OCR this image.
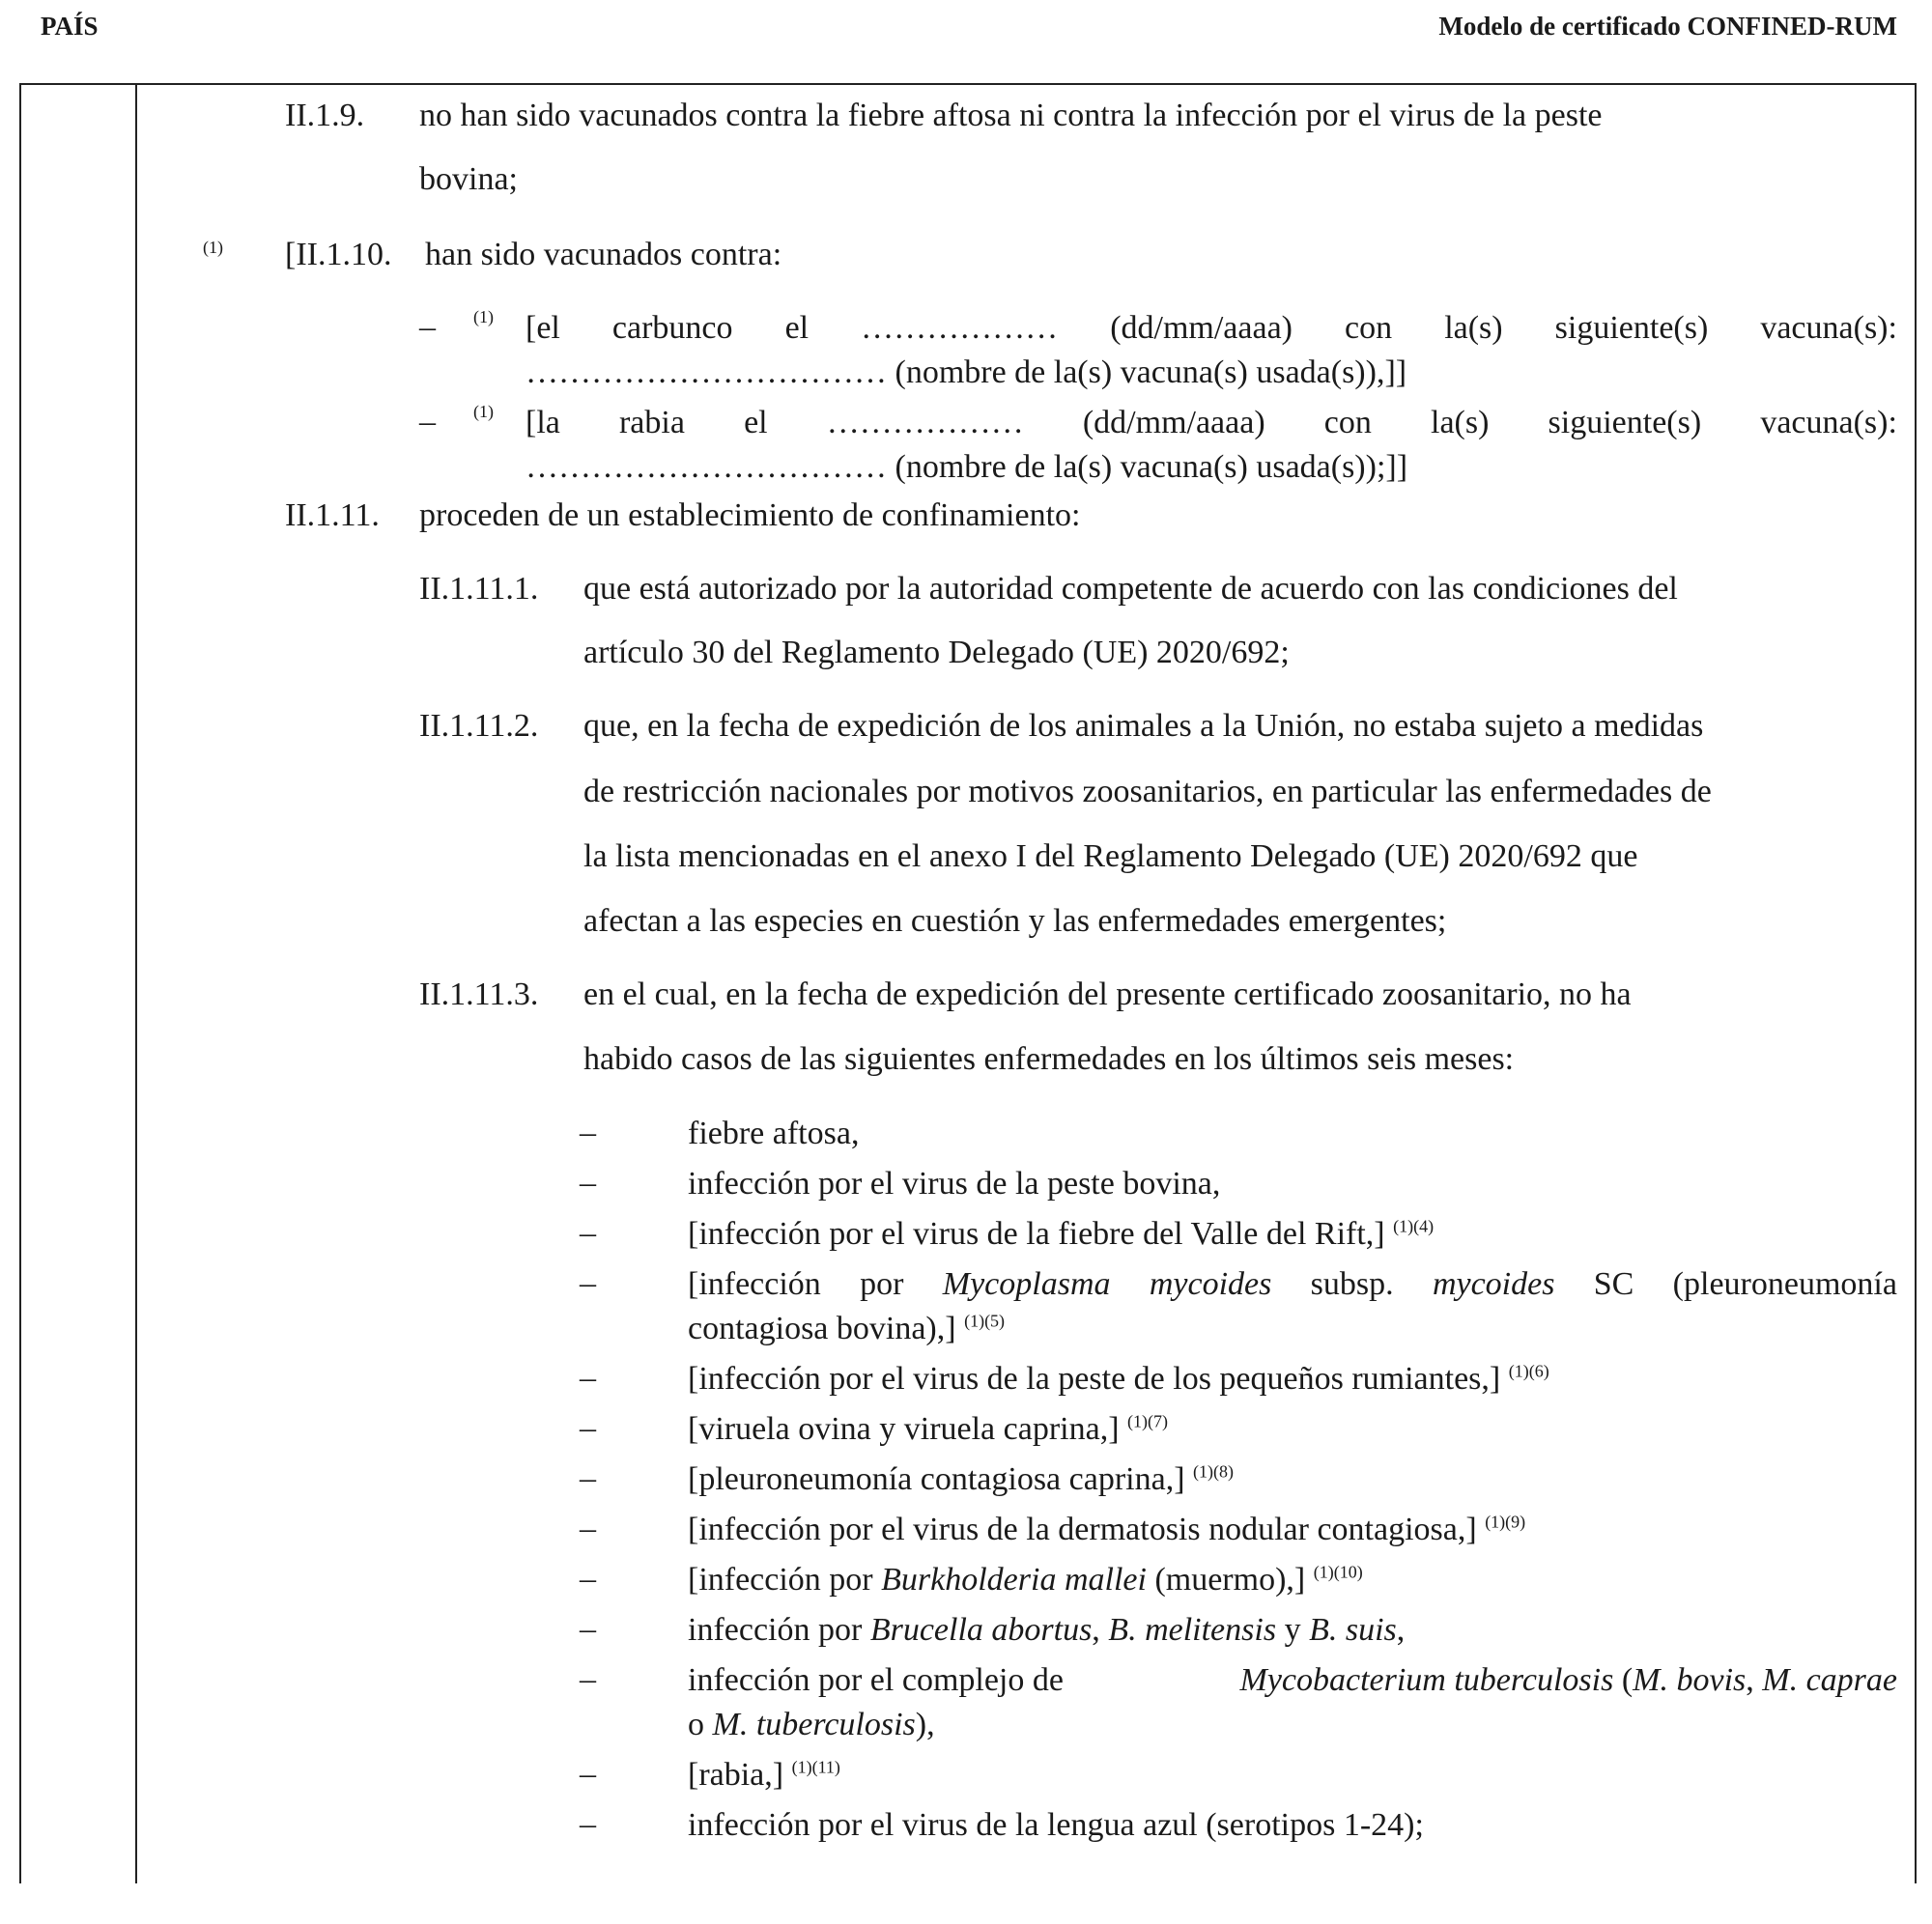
PAÍS	Modelo de certificado CONFINED-RUM
II.1.9. no han sido vacunados contra la fiebre aftosa ni contra la infección por el virus de la peste
bovina;
(1) [II.1.10. han sido vacunados contra:
– (1) [el carbunco el ……………… (dd/mm/aaaa) con la(s) siguiente(s) vacuna(s):
…………………………… (nombre de la(s) vacuna(s) usada(s)),]]
– (1) [la rabia el ……………… (dd/mm/aaaa) con la(s) siguiente(s) vacuna(s):
…………………………… (nombre de la(s) vacuna(s) usada(s));]]
II.1.11. proceden de un establecimiento de confinamiento:
II.1.11.1. que está autorizado por la autoridad competente de acuerdo con las condiciones del
artículo 30 del Reglamento Delegado (UE) 2020/692;
II.1.11.2. que, en la fecha de expedición de los animales a la Unión, no estaba sujeto a medidas
de restricción nacionales por motivos zoosanitarios, en particular las enfermedades de
la lista mencionadas en el anexo I del Reglamento Delegado (UE) 2020/692 que
afectan a las especies en cuestión y las enfermedades emergentes;
II.1.11.3. en el cual, en la fecha de expedición del presente certificado zoosanitario, no ha
habido casos de las siguientes enfermedades en los últimos seis meses:
–	fiebre aftosa,
–	infección por el virus de la peste bovina,
–	[infección por el virus de la fiebre del Valle del Rift,] $^{(1)(4)}$
–	[infección por Mycoplasma mycoides subsp. mycoides SC (pleuroneumonía
contagiosa bovina),] $^{(1)(5)}$
–	[infección por el virus de la peste de los pequeños rumiantes,] $^{(1)(6)}$
–	[viruela ovina y viruela caprina,] $^{(1)(7)}$
–	[pleuroneumonía contagiosa caprina,] $^{(1)(8)}$
–	[infección por el virus de la dermatosis nodular contagiosa,] $^{(1)(9)}$
–	[infección por Burkholderia mallei (muermo),] $^{(1)(10)}$
–	infección por Brucella abortus, B. melitensis y B. suis,
–	infección por el complejo de	Mycobacterium tuberculosis (M. bovis, M. caprae
o M. tuberculosis),
–	[rabia,] $^{(1)(11)}$
–	infección por el virus de la lengua azul (serotipos 1-24);
